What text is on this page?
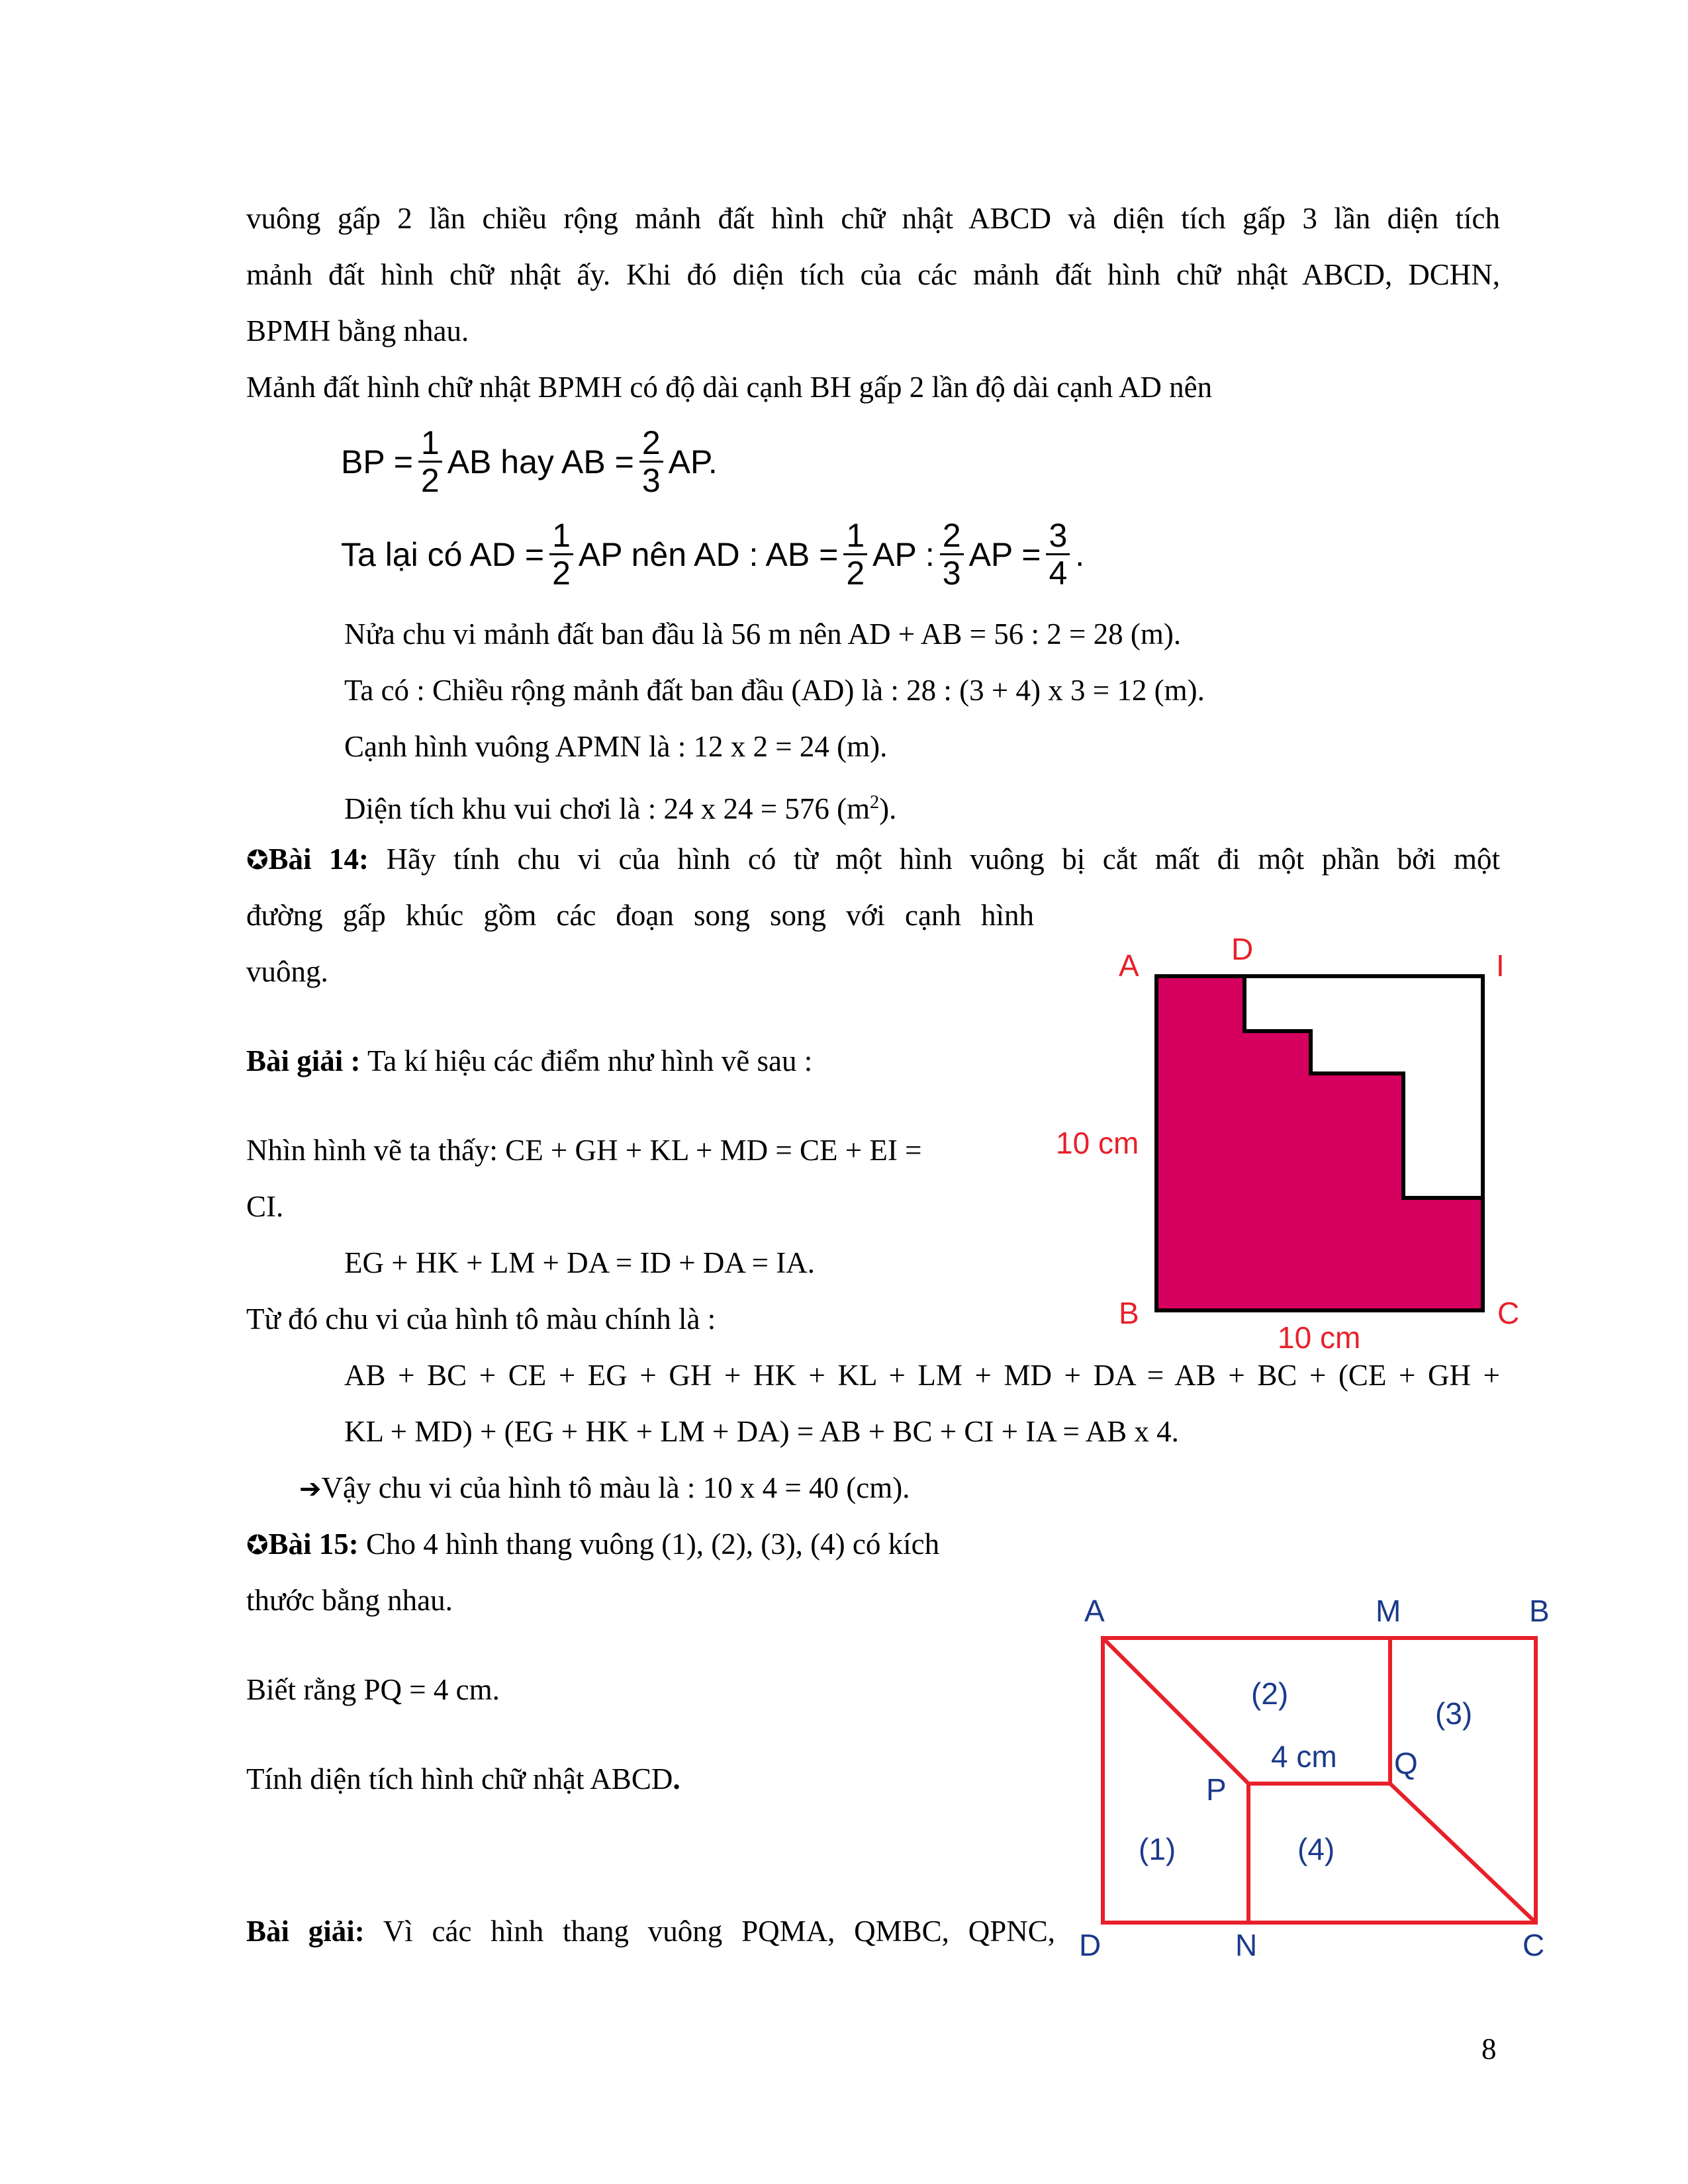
vuông gấp 2 lần chiều rộng mảnh đất hình chữ nhật ABCD và diện tích gấp 3 lần diện tích
mảnh đất hình chữ nhật ấy. Khi đó diện tích của các mảnh đất hình chữ nhật ABCD, DCHN,
BPMH bằng nhau.
Mảnh đất hình chữ nhật BPMH có độ dài cạnh BH gấp 2 lần độ dài cạnh AD nên
BP = $\frac{1}{2}$ AB hay AB = $\frac{2}{3}$ AP.
Ta lại có AD = $\frac{1}{2}$ AP nên AD : AB = $\frac{1}{2}$ AP : $\frac{2}{3}$ AP = $\frac{3}{4}$ .
Nửa chu vi mảnh đất ban đầu là 56 m nên AD + AB = 56 : 2 = 28 (m).
Ta có : Chiều rộng mảnh đất ban đầu (AD) là : 28 : (3 + 4) x 3 = 12 (m).
Cạnh hình vuông APMN là : 12 x 2 = 24 (m).
Diện tích khu vui chơi là : 24 x 24 = 576 $(m^2)$.
✪Bài 14: Hãy tính chu vi của hình có từ một hình vuông bị cắt mất đi một phần bởi một
đường gấp khúc gồm các đoạn song song với cạnh hình
vuông.
Bài giải : Ta kí hiệu các điểm như hình vẽ sau :
Nhìn hình vẽ ta thấy: CE + GH + KL + MD = CE + EI =
CI.
EG + HK + LM + DA = ID + DA = IA.
Từ đó chu vi của hình tô màu chính là :
AB + BC + CE + EG + GH + HK + KL + LM + MD + DA = AB + BC + (CE + GH +
KL + MD) + (EG + HK + LM + DA) = AB + BC + CI + IA = AB x 4.
➔Vậy chu vi của hình tô màu là : 10 x 4 = 40 (cm).
A	D	I
B	C
10 cm
10 cm
✪Bài 15: Cho 4 hình thang vuông (1), (2), (3), (4) có kích
thước bằng nhau.
Biết rằng PQ = 4 cm.
Tính diện tích hình chữ nhật ABCD.
Bài giải: Vì các hình thang vuông PQMA, QMBC, QPNC,
A	M	B
P
Q
D	N	C
(1)
(2)
(3)
(4)
4 cm
8
